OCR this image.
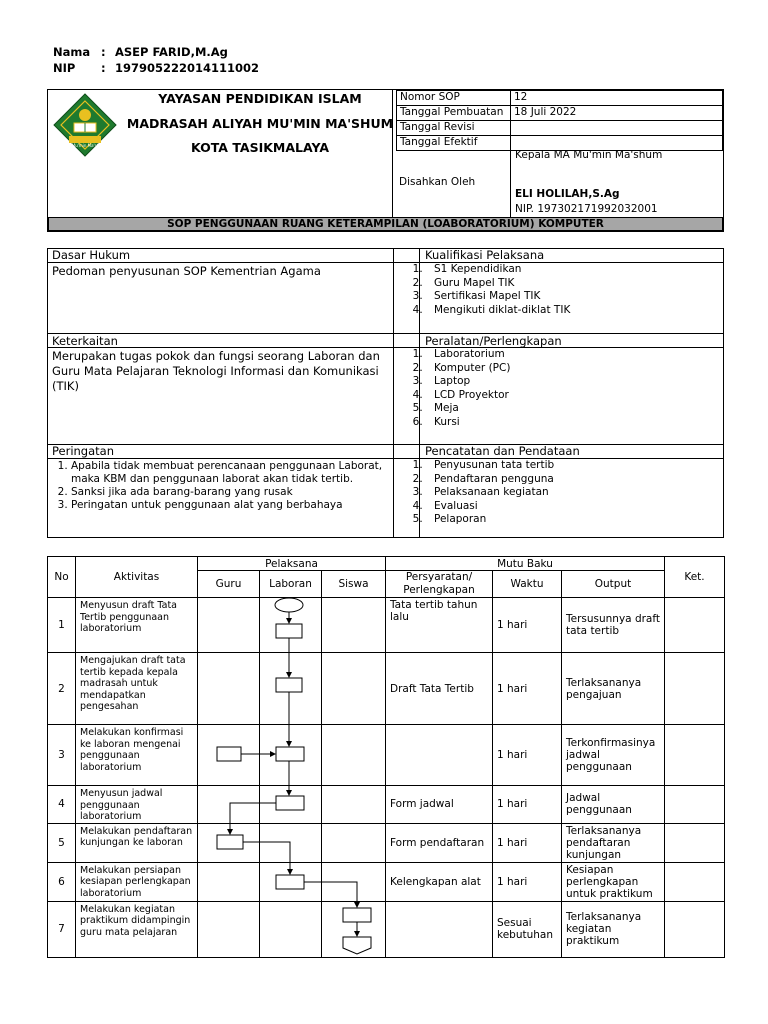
Nama : ASEP FARID,M.Ag
NIP : 197905222014111002
MA Mu'min Ma'shum
YAYASAN PENDIDIKAN ISLAM
MADRASAH ALIYAH MU'MIN MA'SHUM
KOTA TASIKMALAYA
Nomor SOP	12
Tanggal Pembuatan	18 Juli 2022
Tanggal Revisi	
Tanggal Efektif	
Disahkan Oleh
Kepala MA Mu'min Ma'shum
ELI HOLILAH,S.Ag
NIP. 197302171992032001
SOP PENGGUNAAN RUANG KETERAMPILAN (LOABORATORIUM) KOMPUTER
Dasar Hukum
Pedoman penyusunan SOP Kementrian Agama
Keterkaitan
Merupakan tugas pokok dan fungsi seorang Laboran dan Guru Mata Pelajaran Teknologi Informasi dan Komunikasi (TIK)
Peringatan
1. Apabila tidak membuat perencanaan penggunaan Laborat, maka KBM dan penggunaan laborat akan tidak tertib.
2. Sanksi jika ada barang-barang yang rusak
3. Peringatan untuk penggunaan alat yang berbahaya
Kualifikasi Pelaksana
1. S1 Kependidikan
2. Guru Mapel TIK
3. Sertifikasi Mapel TIK
4. Mengikuti diklat-diklat TIK
Peralatan/Perlengkapan
1. Laboratorium
2. Komputer (PC)
3. Laptop
4. LCD Proyektor
5. Meja
6. Kursi
Pencatatan dan Pendataan
1. Penyusunan tata tertib
2. Pendaftaran pengguna
3. Pelaksanaan kegiatan
4. Evaluasi
5. Pelaporan
No	Aktivitas	Pelaksana			Mutu Baku			Ket.
		Guru	Laboran	Siswa	Persyaratan/ Perlengkapan	Waktu	Output	
1	Menyusun draft Tata Tertib penggunaan laboratorium				Tata tertib tahun lalu	1 hari	Tersusunnya draft tata tertib	
2	Mengajukan draft tata tertib kepada kepala madrasah untuk mendapatkan pengesahan				Draft Tata Tertib	1 hari	Terlaksananya pengajuan	
3	Melakukan konfirmasi ke laboran mengenai penggunaan laboratorium					1 hari	Terkonfirmasinya jadwal penggunaan	
4	Menyusun jadwal penggunaan laboratorium				Form jadwal	1 hari	Jadwal penggunaan	
5	Melakukan pendaftaran kunjungan ke laboran				Form pendaftaran	1 hari	Terlaksananya pendaftaran kunjungan	
6	Melakukan persiapan kesiapan perlengkapan laboratorium				Kelengkapan alat	1 hari	Kesiapan perlengkapan untuk praktikum	
7	Melakukan kegiatan praktikum didampingin guru mata pelajaran					Sesuai kebutuhan	Terlaksananya kegiatan praktikum	
